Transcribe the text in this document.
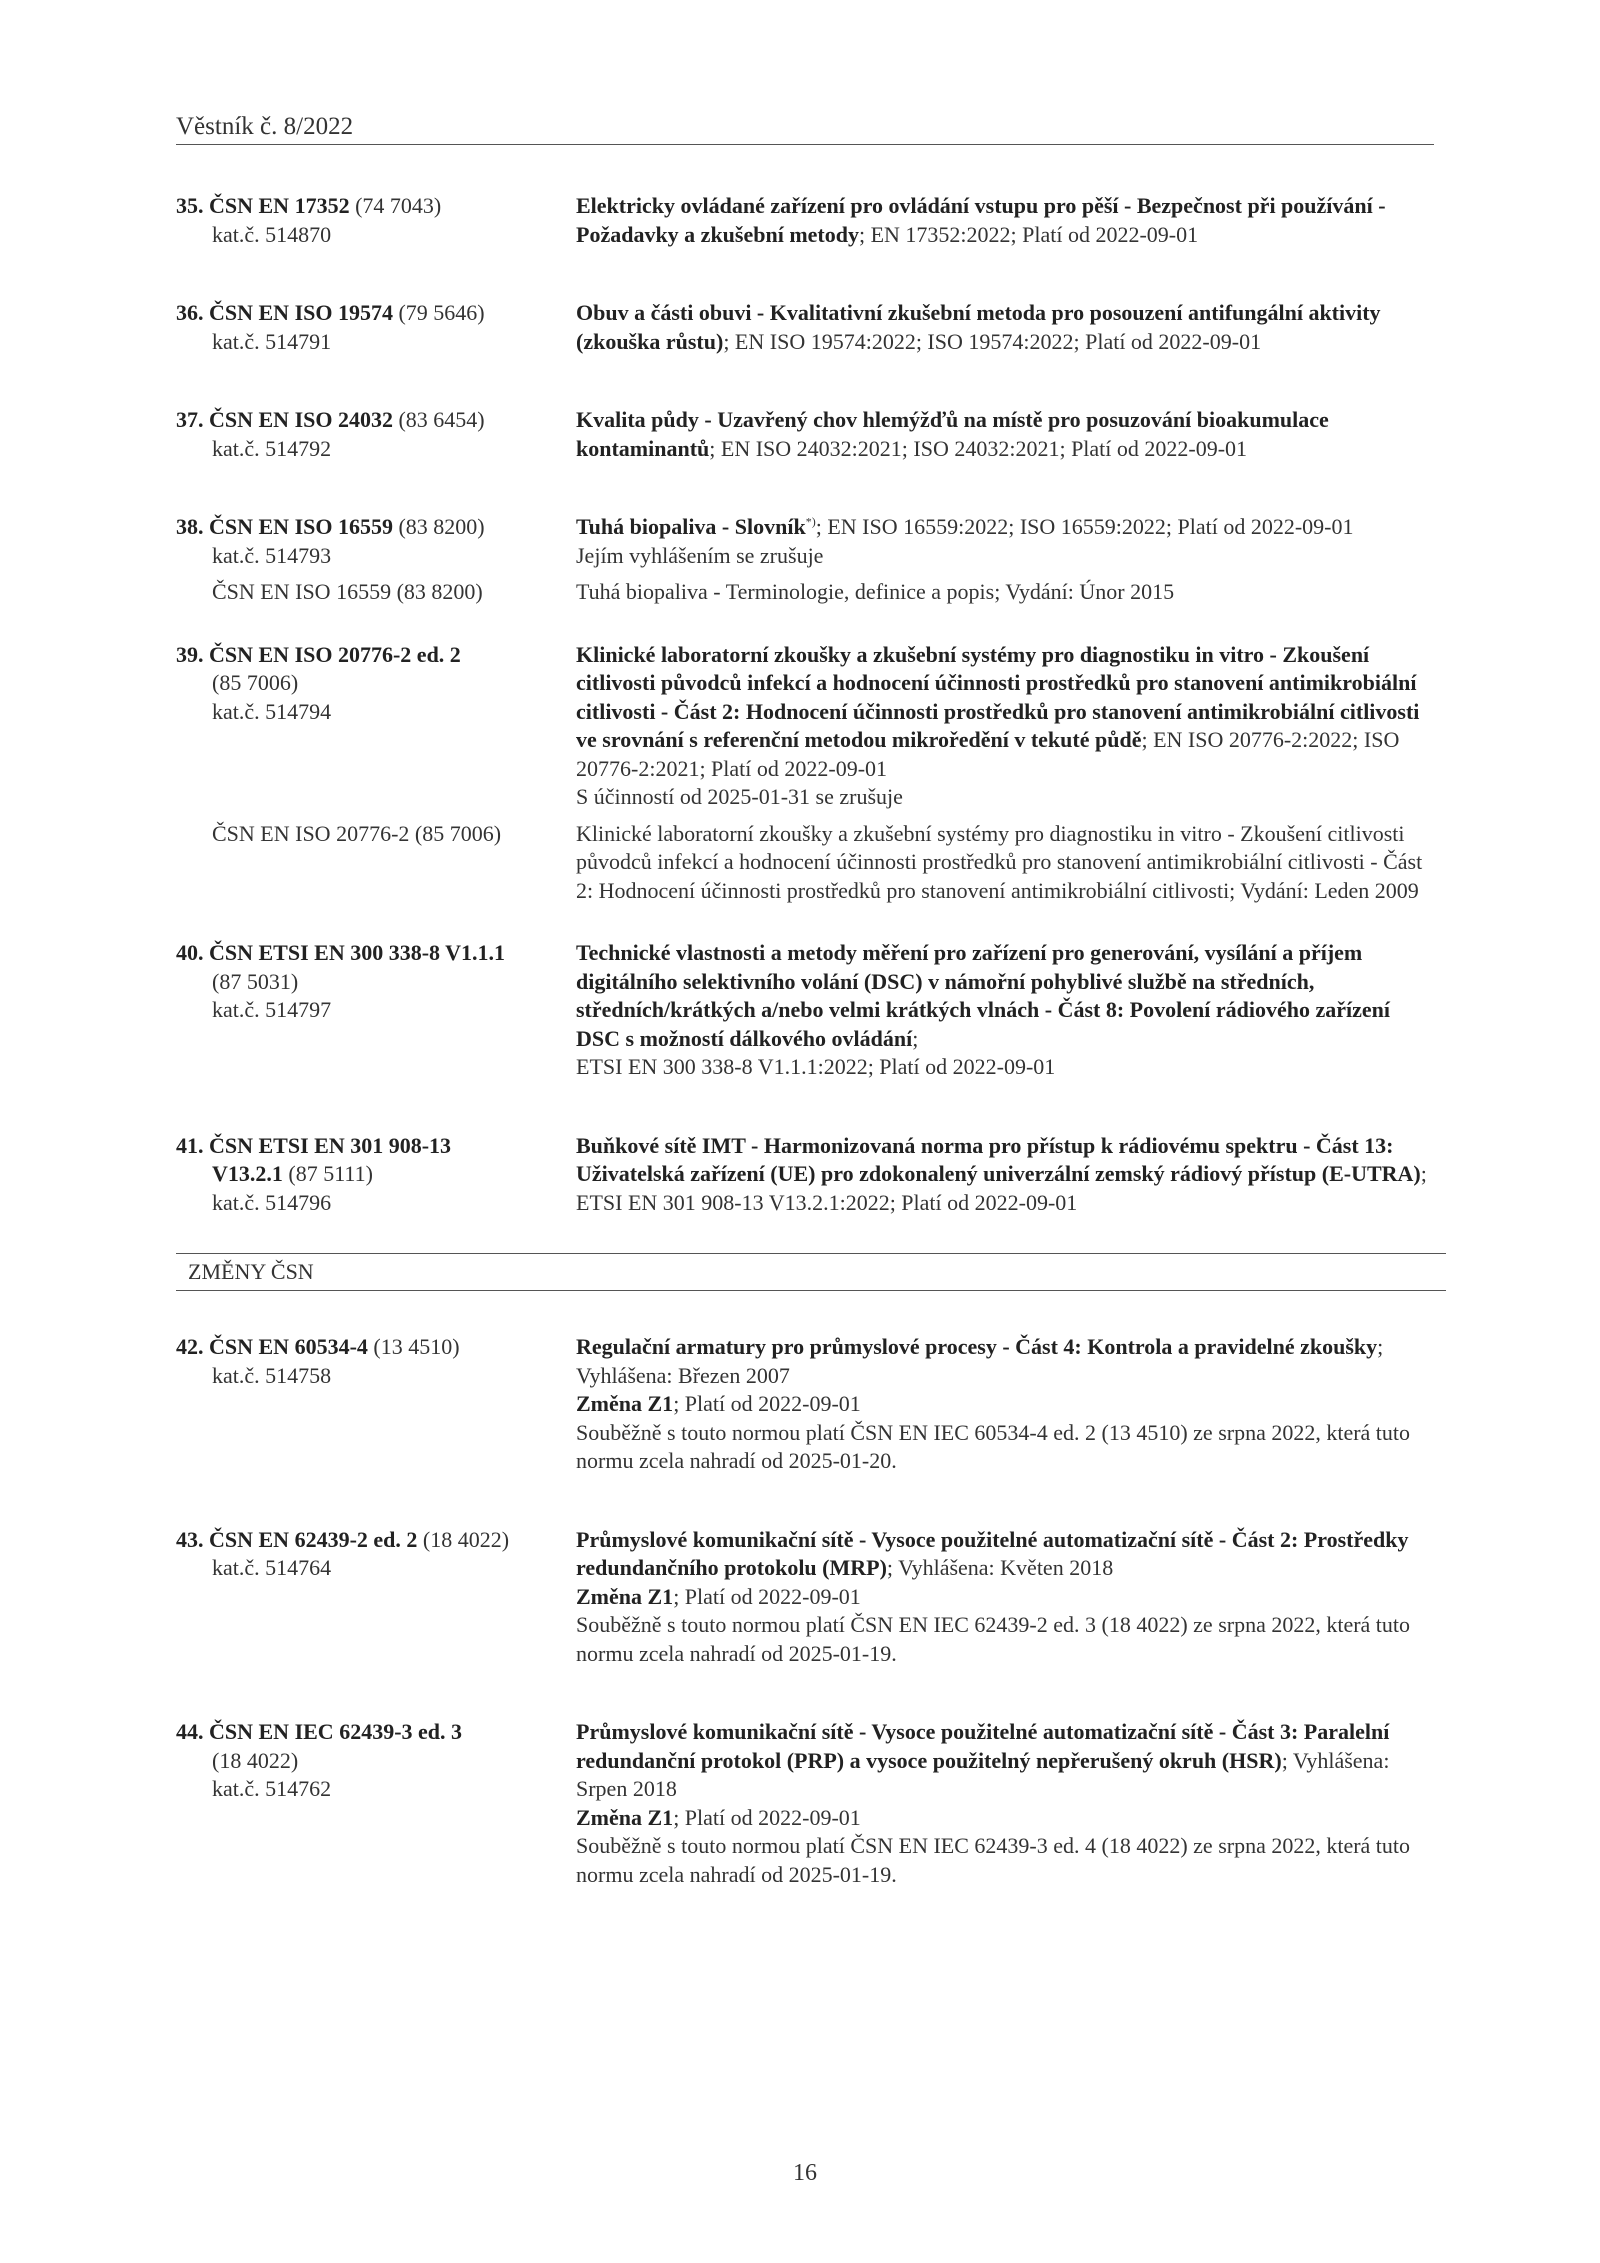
Věstník č. 8/2022
35. ČSN EN 17352 (74 7043)
kat.č. 514870
Elektricky ovládané zařízení pro ovládání vstupu pro pěší - Bezpečnost při používání - Požadavky a zkušební metody; EN 17352:2022; Platí od 2022-09-01
36. ČSN EN ISO 19574 (79 5646)
kat.č. 514791
Obuv a části obuvi - Kvalitativní zkušební metoda pro posouzení antifungální aktivity (zkouška růstu); EN ISO 19574:2022; ISO 19574:2022; Platí od 2022-09-01
37. ČSN EN ISO 24032 (83 6454)
kat.č. 514792
Kvalita půdy - Uzavřený chov hlemýžďů na místě pro posuzování bioakumulace kontaminantů; EN ISO 24032:2021; ISO 24032:2021; Platí od 2022-09-01
38. ČSN EN ISO 16559 (83 8200)
kat.č. 514793
Tuhá biopaliva - Slovník*); EN ISO 16559:2022; ISO 16559:2022; Platí od 2022-09-01
Jejím vyhlášením se zrušuje
ČSN EN ISO 16559 (83 8200)	Tuhá biopaliva - Terminologie, definice a popis; Vydání: Únor 2015
39. ČSN EN ISO 20776-2 ed. 2
(85 7006)
kat.č. 514794
Klinické laboratorní zkoušky a zkušební systémy pro diagnostiku in vitro - Zkoušení citlivosti původců infekcí a hodnocení účinnosti prostředků pro stanovení antimikrobiální citlivosti - Část 2: Hodnocení účinnosti prostředků pro stanovení antimikrobiální citlivosti ve srovnání s referenční metodou mikroředění v tekuté půdě; EN ISO 20776-2:2022; ISO 20776-2:2021; Platí od 2022-09-01
S účinností od 2025-01-31 se zrušuje
ČSN EN ISO 20776-2 (85 7006)	Klinické laboratorní zkoušky a zkušební systémy pro diagnostiku in vitro - Zkoušení citlivosti původců infekcí a hodnocení účinnosti prostředků pro stanovení antimikrobiální citlivosti - Část 2: Hodnocení účinnosti prostředků pro stanovení antimikrobiální citlivosti; Vydání: Leden 2009
40. ČSN ETSI EN 300 338-8 V1.1.1
(87 5031)
kat.č. 514797
Technické vlastnosti a metody měření pro zařízení pro generování, vysílání a příjem digitálního selektivního volání (DSC) v námořní pohyblivé službě na středních, středních/krátkých a/nebo velmi krátkých vlnách - Část 8: Povolení rádiového zařízení DSC s možností dálkového ovládání;
ETSI EN 300 338-8 V1.1.1:2022; Platí od 2022-09-01
41. ČSN ETSI EN 301 908-13
V13.2.1 (87 5111)
kat.č. 514796
Buňkové sítě IMT - Harmonizovaná norma pro přístup k rádiovému spektru - Část 13: Uživatelská zařízení (UE) pro zdokonalený univerzální zemský rádiový přístup (E-UTRA); ETSI EN 301 908-13 V13.2.1:2022; Platí od 2022-09-01
ZMĚNY ČSN
42. ČSN EN 60534-4 (13 4510)
kat.č. 514758
Regulační armatury pro průmyslové procesy - Část 4: Kontrola a pravidelné zkoušky; Vyhlášena: Březen 2007
Změna Z1; Platí od 2022-09-01
Souběžně s touto normou platí ČSN EN IEC 60534-4 ed. 2 (13 4510) ze srpna 2022, která tuto normu zcela nahradí od 2025-01-20.
43. ČSN EN 62439-2 ed. 2 (18 4022)
kat.č. 514764
Průmyslové komunikační sítě - Vysoce použitelné automatizační sítě - Část 2: Prostředky redundančního protokolu (MRP); Vyhlášena: Květen 2018
Změna Z1; Platí od 2022-09-01
Souběžně s touto normou platí ČSN EN IEC 62439-2 ed. 3 (18 4022) ze srpna 2022, která tuto normu zcela nahradí od 2025-01-19.
44. ČSN EN IEC 62439-3 ed. 3
(18 4022)
kat.č. 514762
Průmyslové komunikační sítě - Vysoce použitelné automatizační sítě - Část 3: Paralelní redundanční protokol (PRP) a vysoce použitelný nepřerušený okruh (HSR); Vyhlášena: Srpen 2018
Změna Z1; Platí od 2022-09-01
Souběžně s touto normou platí ČSN EN IEC 62439-3 ed. 4 (18 4022) ze srpna 2022, která tuto normu zcela nahradí od 2025-01-19.
16
